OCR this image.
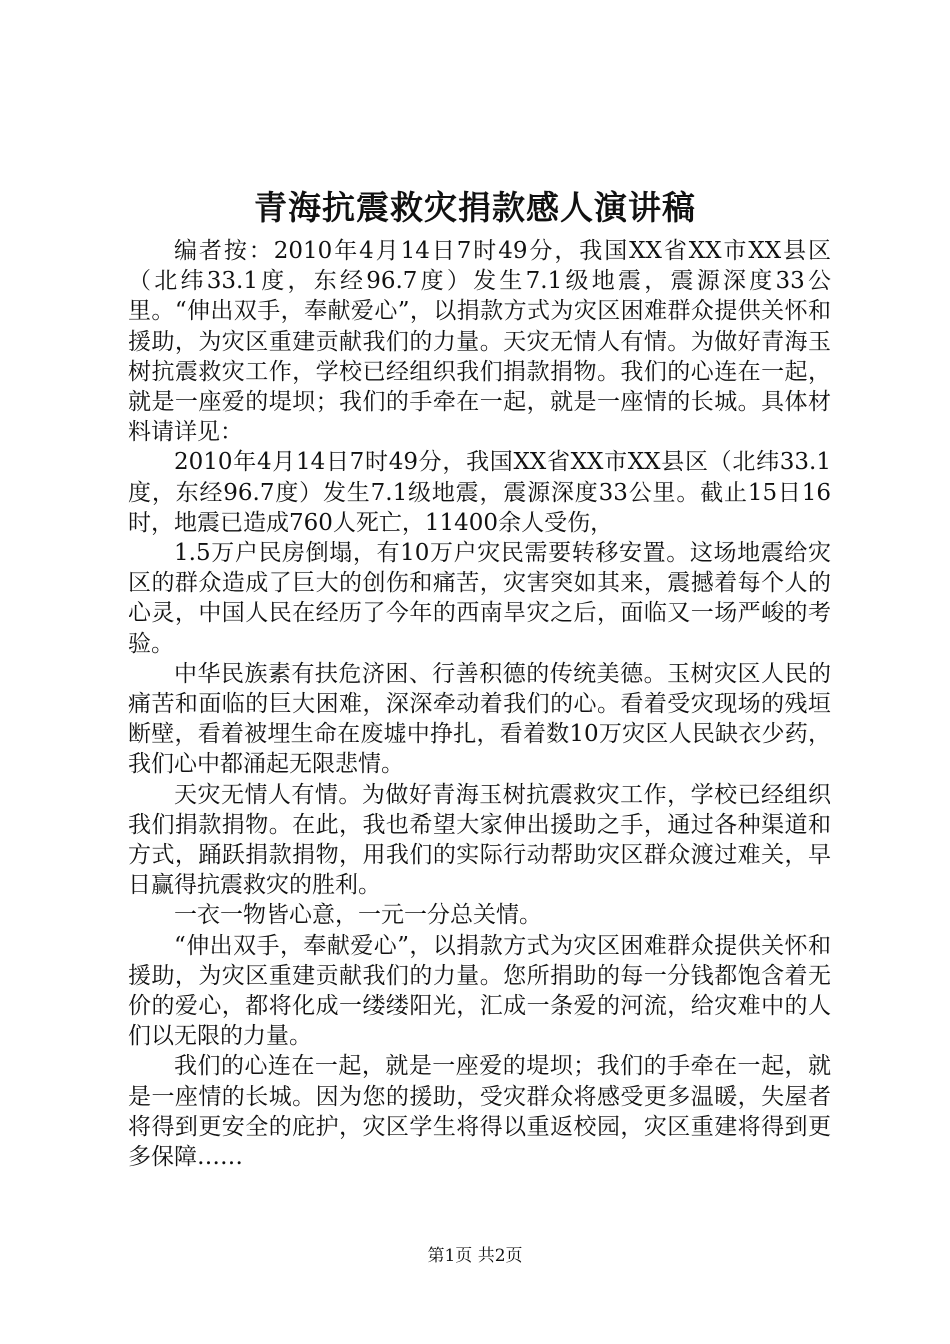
青海抗震救灾捐款感人演讲稿

编者按：2010年4月14日7时49分，我国XX省XX市XX县区（北纬33.1度，东经96.7度）发生7.1级地震，震源深度33公里。“伸出双手，奉献爱心”，以捐款方式为灾区困难群众提供关怀和援助，为灾区重建贡献我们的力量。天灾无情人有情。为做好青海玉树抗震救灾工作，学校已经组织我们捐款捐物。我们的心连在一起，就是一座爱的堤坝；我们的手牵在一起，就是一座情的长城。具体材料请详见：

2010年4月14日7时49分，我国XX省XX市XX县区（北纬33.1度，东经96.7度）发生7.1级地震，震源深度33公里。截止15日16时，地震已造成760人死亡，11400余人受伤，

1.5万户民房倒塌，有10万户灾民需要转移安置。这场地震给灾区的群众造成了巨大的创伤和痛苦，灾害突如其来，震撼着每个人的心灵，中国人民在经历了今年的西南旱灾之后，面临又一场严峻的考验。

中华民族素有扶危济困、行善积德的传统美德。玉树灾区人民的痛苦和面临的巨大困难，深深牵动着我们的心。看着受灾现场的残垣断壁，看着被埋生命在废墟中挣扎，看着数10万灾区人民缺衣少药，我们心中都涌起无限悲情。

天灾无情人有情。为做好青海玉树抗震救灾工作，学校已经组织我们捐款捐物。在此，我也希望大家伸出援助之手，通过各种渠道和方式，踊跃捐款捐物，用我们的实际行动帮助灾区群众渡过难关，早日赢得抗震救灾的胜利。

一衣一物皆心意，一元一分总关情。

“伸出双手，奉献爱心”，以捐款方式为灾区困难群众提供关怀和援助，为灾区重建贡献我们的力量。您所捐助的每一分钱都饱含着无价的爱心，都将化成一缕缕阳光，汇成一条爱的河流，给灾难中的人们以无限的力量。

我们的心连在一起，就是一座爱的堤坝；我们的手牵在一起，就是一座情的长城。因为您的援助，受灾群众将感受更多温暖，失屋者将得到更安全的庇护，灾区学生将得以重返校园，灾区重建将得到更多保障……

第1页 共2页
